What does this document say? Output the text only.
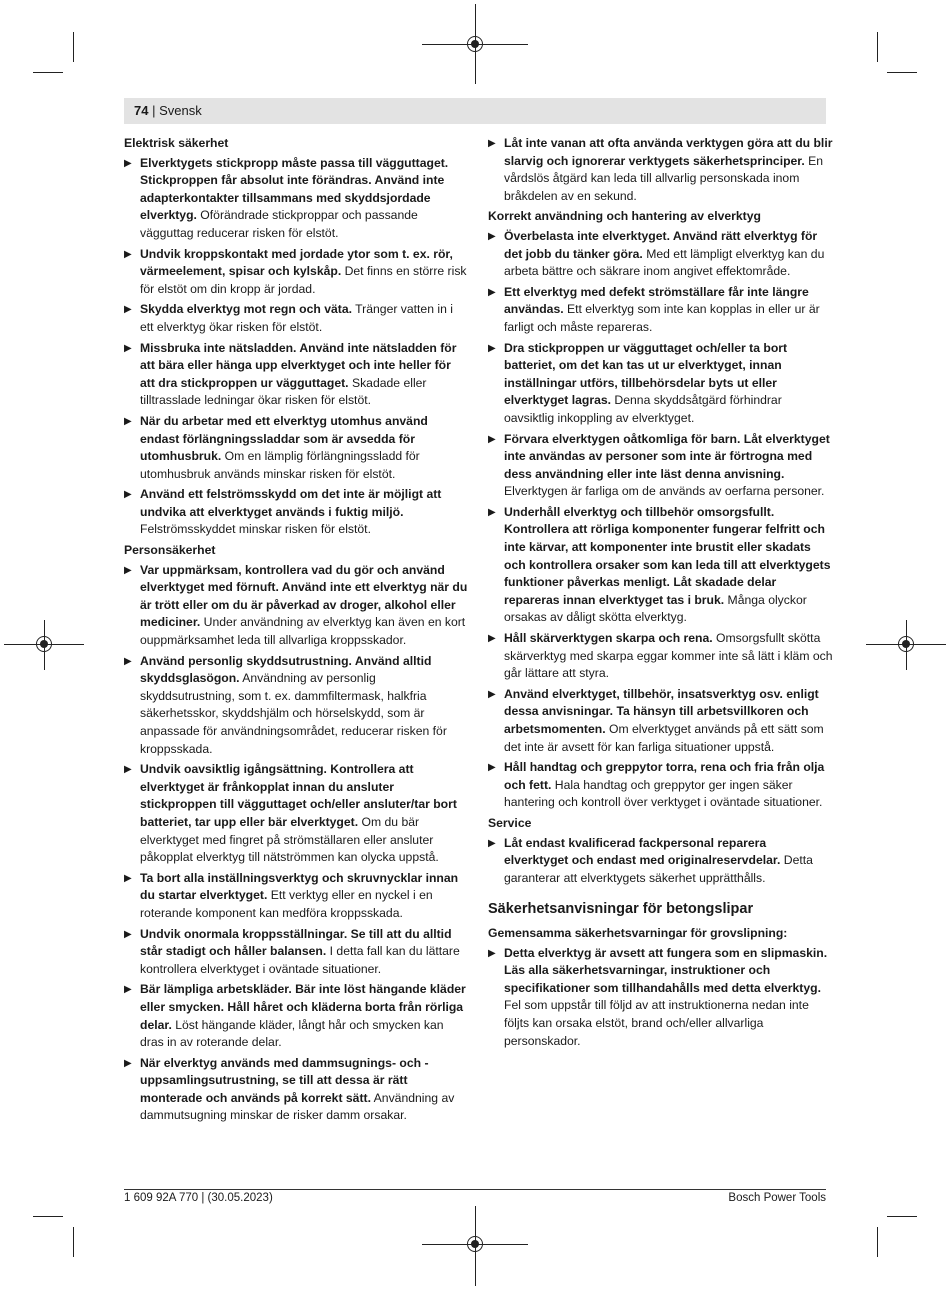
74 | Svensk
Elektrisk säkerhet
▶ Elverktygets stickpropp måste passa till vägguttaget. Stickproppen får absolut inte förändras. Använd inte adapterkontakter tillsammans med skyddsjordade elverktyg. Oförändrade stickproppar och passande vägguttag reducerar risken för elstöt.
▶ Undvik kroppskontakt med jordade ytor som t. ex. rör, värmeelement, spisar och kylskåp. Det finns en större risk för elstöt om din kropp är jordad.
▶ Skydda elverktyg mot regn och väta. Tränger vatten in i ett elverktyg ökar risken för elstöt.
▶ Missbruka inte nätsladden. Använd inte nätsladden för att bära eller hänga upp elverktyget och inte heller för att dra stickproppen ur vägguttaget. Skadade eller tilltrasslade ledningar ökar risken för elstöt.
▶ När du arbetar med ett elverktyg utomhus använd endast förlängningssladdar som är avsedda för utomhusbruk. Om en lämplig förlängningssladd för utomhusbruk används minskar risken för elstöt.
▶ Använd ett felströmsskydd om det inte är möjligt att undvika att elverktyget används i fuktig miljö. Felströmsskyddet minskar risken för elstöt.
Personsäkerhet
▶ Var uppmärksam, kontrollera vad du gör och använd elverktyget med förnuft. Använd inte ett elverktyg när du är trött eller om du är påverkad av droger, alkohol eller mediciner. Under användning av elverktyg kan även en kort ouppmärksamhet leda till allvarliga kroppsskador.
▶ Använd personlig skyddsutrustning. Använd alltid skyddsglasögon. Användning av personlig skyddsutrustning, som t. ex. dammfiltermask, halkfria säkerhetsskor, skyddshjälm och hörselskydd, som är anpassade för användningsområdet, reducerar risken för kroppsskada.
▶ Undvik oavsiktlig igångsättning. Kontrollera att elverktyget är frånkopplat innan du ansluter stickproppen till vägguttaget och/eller ansluter/tar bort batteriet, tar upp eller bär elverktyget. Om du bär elverktyget med fingret på strömställaren eller ansluter påkopplat elverktyg till nätströmmen kan olycka uppstå.
▶ Ta bort alla inställningsverktyg och skruvnycklar innan du startar elverktyget. Ett verktyg eller en nyckel i en roterande komponent kan medföra kroppsskada.
▶ Undvik onormala kroppsställningar. Se till att du alltid står stadigt och håller balansen. I detta fall kan du lättare kontrollera elverktyget i oväntade situationer.
▶ Bär lämpliga arbetskläder. Bär inte löst hängande kläder eller smycken. Håll håret och kläderna borta från rörliga delar. Löst hängande kläder, långt hår och smycken kan dras in av roterande delar.
▶ När elverktyg används med dammsugnings- och -uppsamlingsutrustning, se till att dessa är rätt monterade och används på korrekt sätt. Användning av dammutsugning minskar de risker damm orsakar.
▶ Låt inte vanan att ofta använda verktygen göra att du blir slarvig och ignorerar verktygets säkerhetsprinciper. En vårdslös åtgärd kan leda till allvarlig personskada inom bråkdelen av en sekund.
Korrekt användning och hantering av elverktyg
▶ Överbelasta inte elverktyget. Använd rätt elverktyg för det jobb du tänker göra. Med ett lämpligt elverktyg kan du arbeta bättre och säkrare inom angivet effektområde.
▶ Ett elverktyg med defekt strömställare får inte längre användas. Ett elverktyg som inte kan kopplas in eller ur är farligt och måste repareras.
▶ Dra stickproppen ur vägguttaget och/eller ta bort batteriet, om det kan tas ut ur elverktyget, innan inställningar utförs, tillbehörsdelar byts ut eller elverktyget lagras. Denna skyddsåtgärd förhindrar oavsiktlig inkoppling av elverktyget.
▶ Förvara elverktygen oåtkomliga för barn. Låt elverktyget inte användas av personer som inte är förtrogna med dess användning eller inte läst denna anvisning. Elverktygen är farliga om de används av oerfarna personer.
▶ Underhåll elverktyg och tillbehör omsorgsfullt. Kontrollera att rörliga komponenter fungerar felfritt och inte kärvar, att komponenter inte brustit eller skadats och kontrollera orsaker som kan leda till att elverktygets funktioner påverkas menligt. Låt skadade delar repareras innan elverktyget tas i bruk. Många olyckor orsakas av dåligt skötta elverktyg.
▶ Håll skärverktygen skarpa och rena. Omsorgsfullt skötta skärverktyg med skarpa eggar kommer inte så lätt i kläm och går lättare att styra.
▶ Använd elverktyget, tillbehör, insatsverktyg osv. enligt dessa anvisningar. Ta hänsyn till arbetsvillkoren och arbetsmomenten. Om elverktyget används på ett sätt som det inte är avsett för kan farliga situationer uppstå.
▶ Håll handtag och greppytor torra, rena och fria från olja och fett. Hala handtag och greppytor ger ingen säker hantering och kontroll över verktyget i oväntade situationer.
Service
▶ Låt endast kvalificerad fackpersonal reparera elverktyget och endast med originalreservdelar. Detta garanterar att elverktygets säkerhet upprätthålls.
Säkerhetsanvisningar för betongslipar
Gemensamma säkerhetsvarningar för grovslipning:
▶ Detta elverktyg är avsett att fungera som en slipmaskin. Läs alla säkerhetsvarningar, instruktioner och specifikationer som tillhandahålls med detta elverktyg. Fel som uppstår till följd av att instruktionerna nedan inte följts kan orsaka elstöt, brand och/eller allvarliga personskador.
1 609 92A 770 | (30.05.2023)	Bosch Power Tools
